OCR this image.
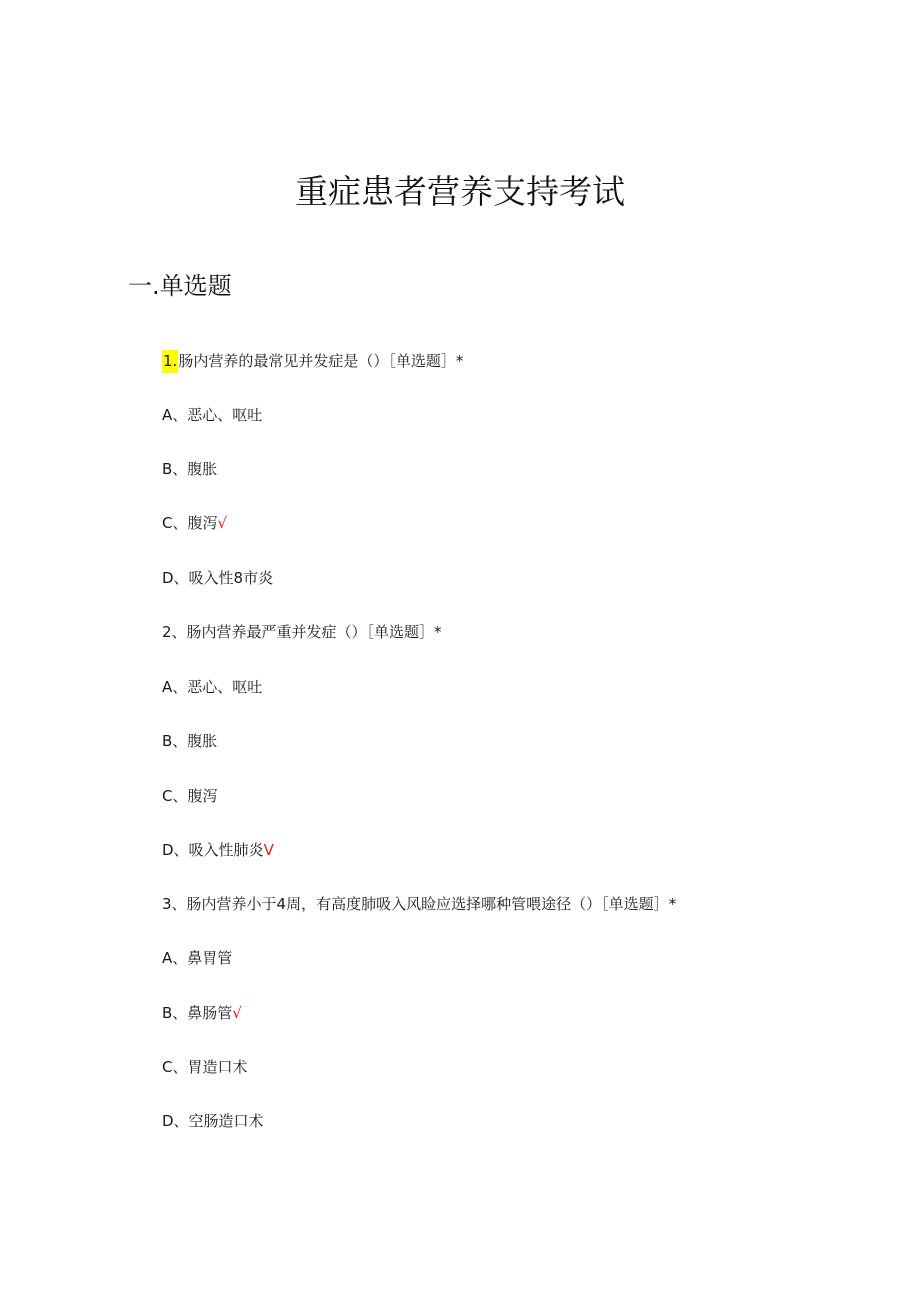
重症患者营养支持考试
一.单选题
1.肠内营养的最常见并发症是（）［单选题］*
A、恶心、呕吐
B、腹胀
C、腹泻√
D、吸入性8市炎
2、肠内营养最严重并发症（）［单选题］*
A、恶心、呕吐
B、腹胀
C、腹泻
D、吸入性肺炎V
3、肠内营养小于4周，有高度肺吸入风睑应选择哪种管喂途径（）［单选题］*
A、鼻胃管
B、鼻肠管√
C、胃造口术
D、空肠造口术
